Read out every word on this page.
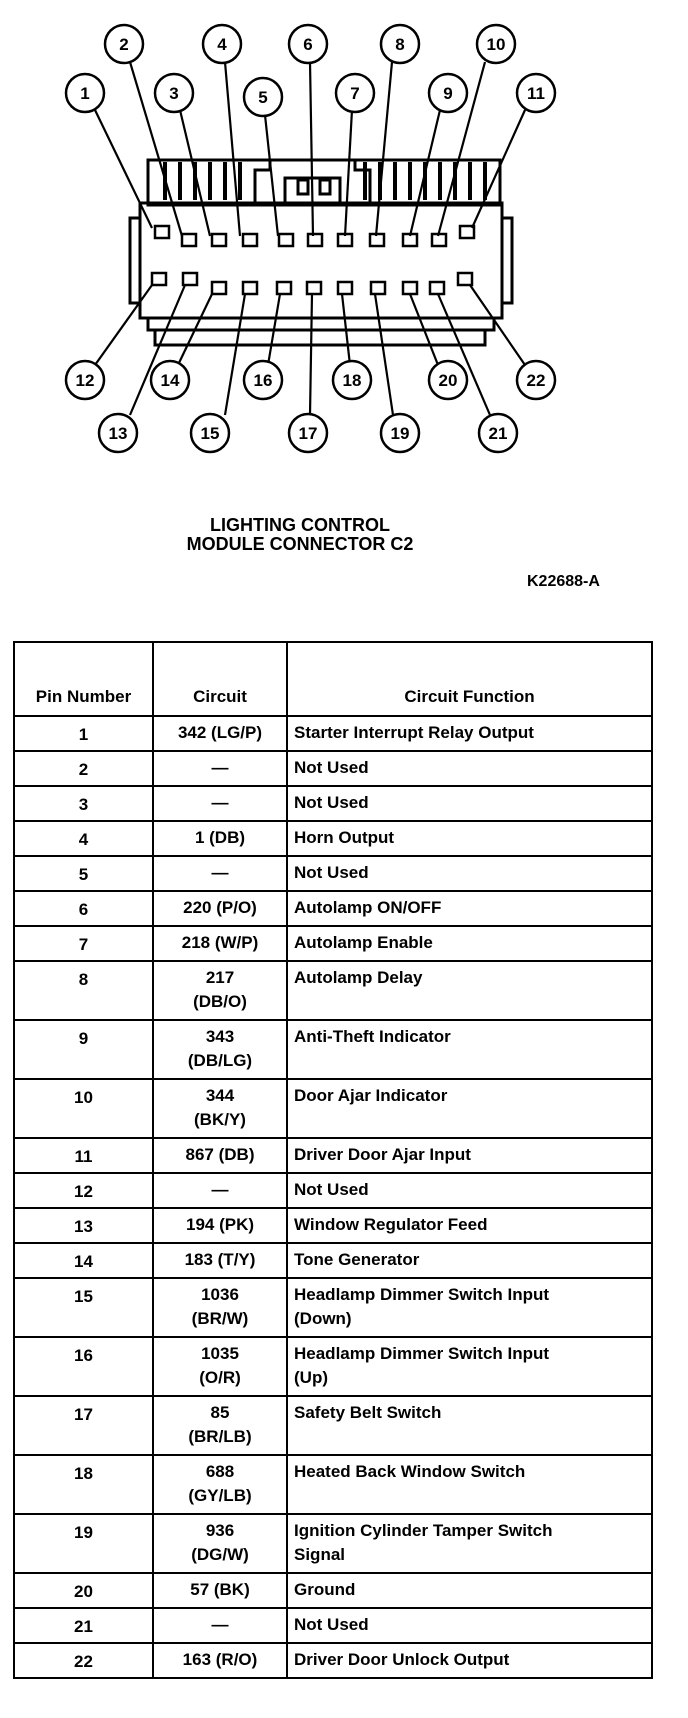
1
2
3
4
5
6
7
8
9
10
11
12
13
14
15
16
17
18
19
20
21
22
LIGHTING CONTROL
MODULE CONNECTOR C2
K22688-A
Pin Number	Circuit	Circuit Function
1	342 (LG/P)	Starter Interrupt Relay Output

2	—	Not Used

3	—	Not Used

4	1 (DB)	Horn Output

5	—	Not Used

6	220 (P/O)	Autolamp ON/OFF

7	218 (W/P)	Autolamp Enable

8	217
(DB/O)	Autolamp Delay

9	343
(DB/LG)	Anti-Theft Indicator

10	344
(BK/Y)	Door Ajar Indicator

11	867 (DB)	Driver Door Ajar Input

12	—	Not Used

13	194 (PK)	Window Regulator Feed

14	183 (T/Y)	Tone Generator

15	1036
(BR/W)	Headlamp Dimmer Switch Input
(Down)

16	1035
(O/R)	Headlamp Dimmer Switch Input
(Up)

17	85
(BR/LB)	Safety Belt Switch

18	688
(GY/LB)	Heated Back Window Switch

19	936
(DG/W)	Ignition Cylinder Tamper Switch
Signal

20	57 (BK)	Ground

21	—	Not Used

22	163 (R/O)	Driver Door Unlock Output
